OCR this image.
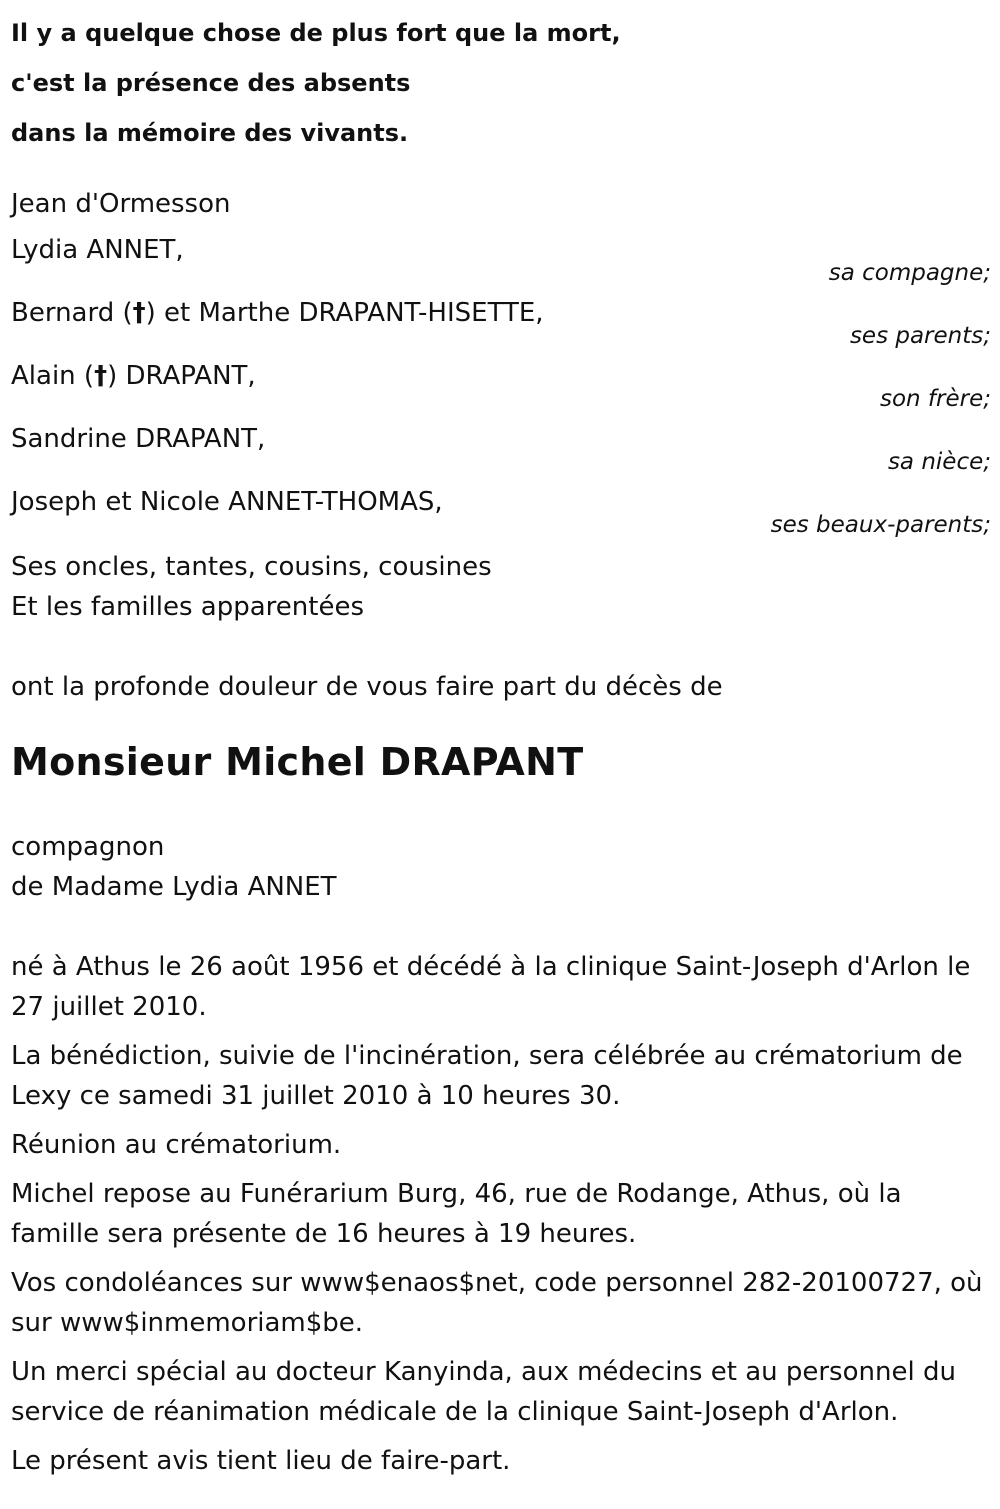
Il y a quelque chose de plus fort que la mort,
c'est la présence des absents
dans la mémoire des vivants.
Jean d'Ormesson
Lydia ANNET,
sa compagne;
Bernard (†) et Marthe DRAPANT-HISETTE,
ses parents;
Alain (†) DRAPANT,
son frère;
Sandrine DRAPANT,
sa nièce;
Joseph et Nicole ANNET-THOMAS,
ses beaux-parents;
Ses oncles, tantes, cousins, cousines
Et les familles apparentées
ont la profonde douleur de vous faire part du décès de
Monsieur Michel DRAPANT
compagnon
de Madame Lydia ANNET

né à Athus le 26 août 1956 et décédé à la clinique Saint-Joseph d'Arlon le 27 juillet 2010.

La bénédiction, suivie de l'incinération, sera célébrée au crématorium de Lexy ce samedi 31 juillet 2010 à 10 heures 30.

Réunion au crématorium.

Michel repose au Funérarium Burg, 46, rue de Rodange, Athus, où la famille sera présente de 16 heures à 19 heures.

Vos condoléances sur www$enaos$net, code personnel 282-20100727, où sur www$inmemoriam$be.

Un merci spécial au docteur Kanyinda, aux médecins et au personnel du service de réanimation médicale de la clinique Saint-Joseph d'Arlon.

Le présent avis tient lieu de faire-part.
